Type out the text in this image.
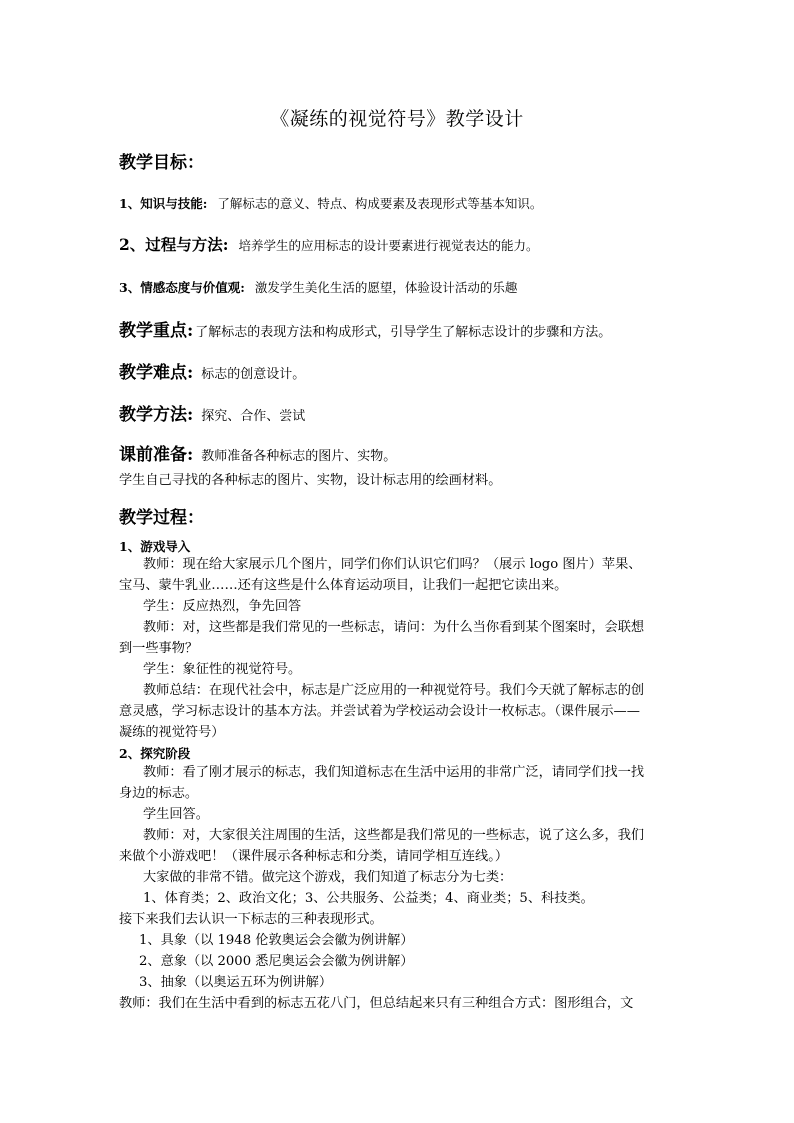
《凝练的视觉符号》教学设计
教学目标：
1、知识与技能: 了解标志的意义、特点、构成要素及表现形式等基本知识。
2、过程与方法: 培养学生的应用标志的设计要素进行视觉表达的能力。
3、情感态度与价值观: 激发学生美化生活的愿望，体验设计活动的乐趣
教学重点: 了解标志的表现方法和构成形式，引导学生了解标志设计的步骤和方法。
教学难点: 标志的创意设计。
教学方法: 探究、合作、尝试
课前准备: 教师准备各种标志的图片、实物。
学生自己寻找的各种标志的图片、实物，设计标志用的绘画材料。
教学过程：
1、游戏导入
教师：现在给大家展示几个图片，同学们你们认识它们吗？（展示 logo 图片）苹果、
宝马、蒙牛乳业……还有这些是什么体育运动项目，让我们一起把它读出来。
学生：反应热烈，争先回答
教师：对，这些都是我们常见的一些标志，请问：为什么当你看到某个图案时，会联想
到一些事物？
学生：象征性的视觉符号。
教师总结：在现代社会中，标志是广泛应用的一种视觉符号。我们今天就了解标志的创
意灵感，学习标志设计的基本方法。并尝试着为学校运动会设计一枚标志。（课件展示——
凝练的视觉符号）
2、探究阶段
教师：看了刚才展示的标志，我们知道标志在生活中运用的非常广泛，请同学们找一找
身边的标志。
学生回答。
教师：对，大家很关注周围的生活，这些都是我们常见的一些标志，说了这么多，我们
来做个小游戏吧！（课件展示各种标志和分类，请同学相互连线。）
大家做的非常不错。做完这个游戏，我们知道了标志分为七类：
1、体育类；2、政治文化；3、公共服务、公益类；4、商业类；5、科技类。
接下来我们去认识一下标志的三种表现形式。
1、具象（以 1948 伦敦奥运会会徽为例讲解）
2、意象（以 2000 悉尼奥运会会徽为例讲解）
3、抽象（以奥运五环为例讲解）
教师：我们在生活中看到的标志五花八门，但总结起来只有三种组合方式：图形组合，文
